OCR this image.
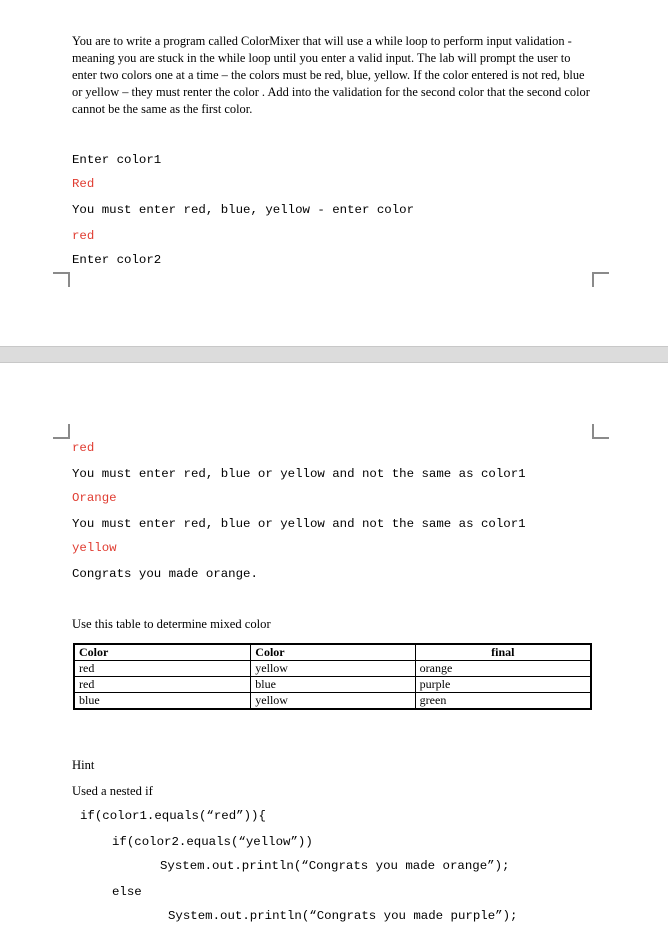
You are to write a program called ColorMixer that will use a while loop to perform input validation - meaning you are stuck in the while loop until you enter a valid input. The lab will prompt the user to enter two colors one at a time – the colors must be red, blue, yellow. If the color entered is not red, blue or yellow – they must renter the color . Add into the validation for the second color that the second color cannot be the same as the first color.
Enter color1
Red
You must enter red, blue, yellow - enter color
red
Enter color2
red
You must enter red, blue or yellow and not the same as color1
Orange
You must enter red, blue or yellow and not the same as color1
yellow
Congrats you made orange.
Use this table to determine mixed color
Color	Color	final
red	yellow	orange
red	blue	purple
blue	yellow	green
Hint
Used a nested if
if(color1.equals(“red”)){
if(color2.equals(“yellow”))
System.out.println(“Congrats you made orange”);
else
System.out.println(“Congrats you made purple”);
